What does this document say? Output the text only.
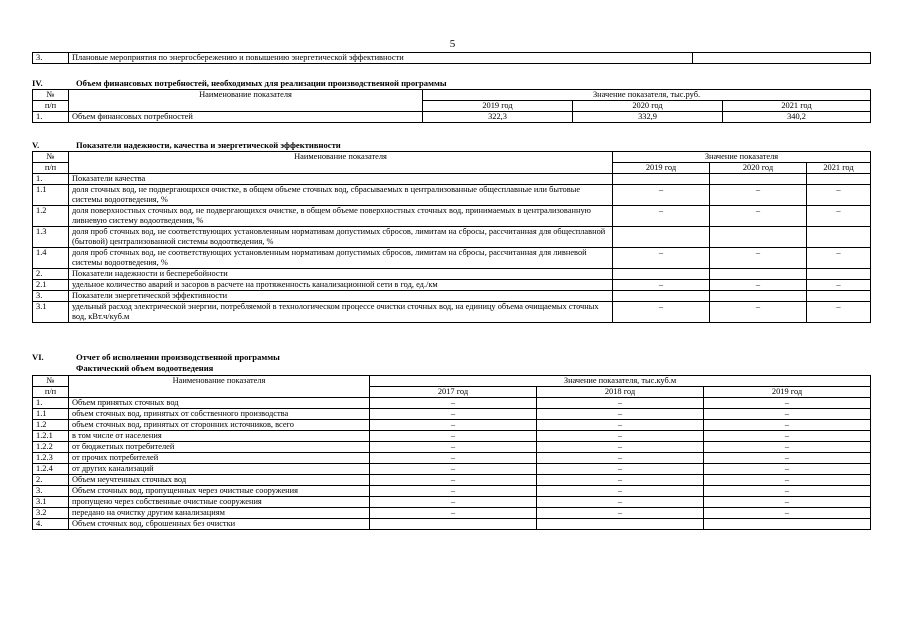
5
3.	Плановые мероприятия по энергосбережению и повышению энергетической эффективности	
IV.	Объем финансовых потребностей, необходимых для реализации производственной программы
№	Наименование показателя	Значение показателя, тыс.руб.		
п/п		2019 год	2020 год	2021 год
1.	Объем финансовых потребностей	322,3	332,9	340,2
V.	Показатели надежности, качества и энергетической эффективности
№	Наименование показателя	Значение показателя		
п/п		2019 год	2020 год	2021 год
1.	Показатели качества			
1.1	доля сточных вод, не подвергающихся очистке, в общем объеме сточных вод, сбрасываемых в централизованные общесплавные или бытовые системы водоотведения, %	–	–	–
1.2	доля поверхностных сточных вод, не подвергающихся очистке, в общем объеме поверхностных сточных вод, принимаемых в централизованную ливневую систему водоотведения, %	–	–	–
1.3	доля проб сточных вод, не соответствующих установленным нормативам допустимых сбросов, лимитам на сбросы, рассчитанная для общесплавной (бытовой) централизованной системы водоотведения, %			
1.4	доля проб сточных вод, не соответствующих установленным нормативам допустимых сбросов, лимитам на сбросы, рассчитанная для ливневой системы водоотведения, %	–	–	–
2.	Показатели надежности и бесперебойности			
2.1	удельное количество аварий и засоров в расчете на протяженность канализационной сети в год, ед./км	–	–	–
3.	Показатели энергетической эффективности			
3.1	удельный расход электрической энергии, потребляемой в технологическом процессе очистки сточных вод, на единицу объема очищаемых сточных вод, кВт.ч/куб.м	–	–	–
VI.	Отчет об исполнении производственной программы
Фактический объем водоотведения
№	Наименование показателя	Значение показателя, тыс.куб.м		
п/п		2017 год	2018 год	2019 год
1.	Объем принятых сточных вод	–	–	–
1.1	объем сточных вод, принятых от собственного производства	–	–	–
1.2	объем сточных вод, принятых от сторонних источников, всего	–	–	–
1.2.1	в том числе от населения	–	–	–
1.2.2	от бюджетных потребителей	–	–	–
1.2.3	от прочих потребителей	–	–	–
1.2.4	от других канализаций	–	–	–
2.	Объем неучтенных сточных вод	–	–	–
3.	Объем сточных вод, пропущенных через очистные сооружения	–	–	–
3.1	пропущено через собственные очистные сооружения	–	–	–
3.2	передано на очистку другим канализациям	–	–	–
4.	Объем сточных вод, сброшенных без очистки			
